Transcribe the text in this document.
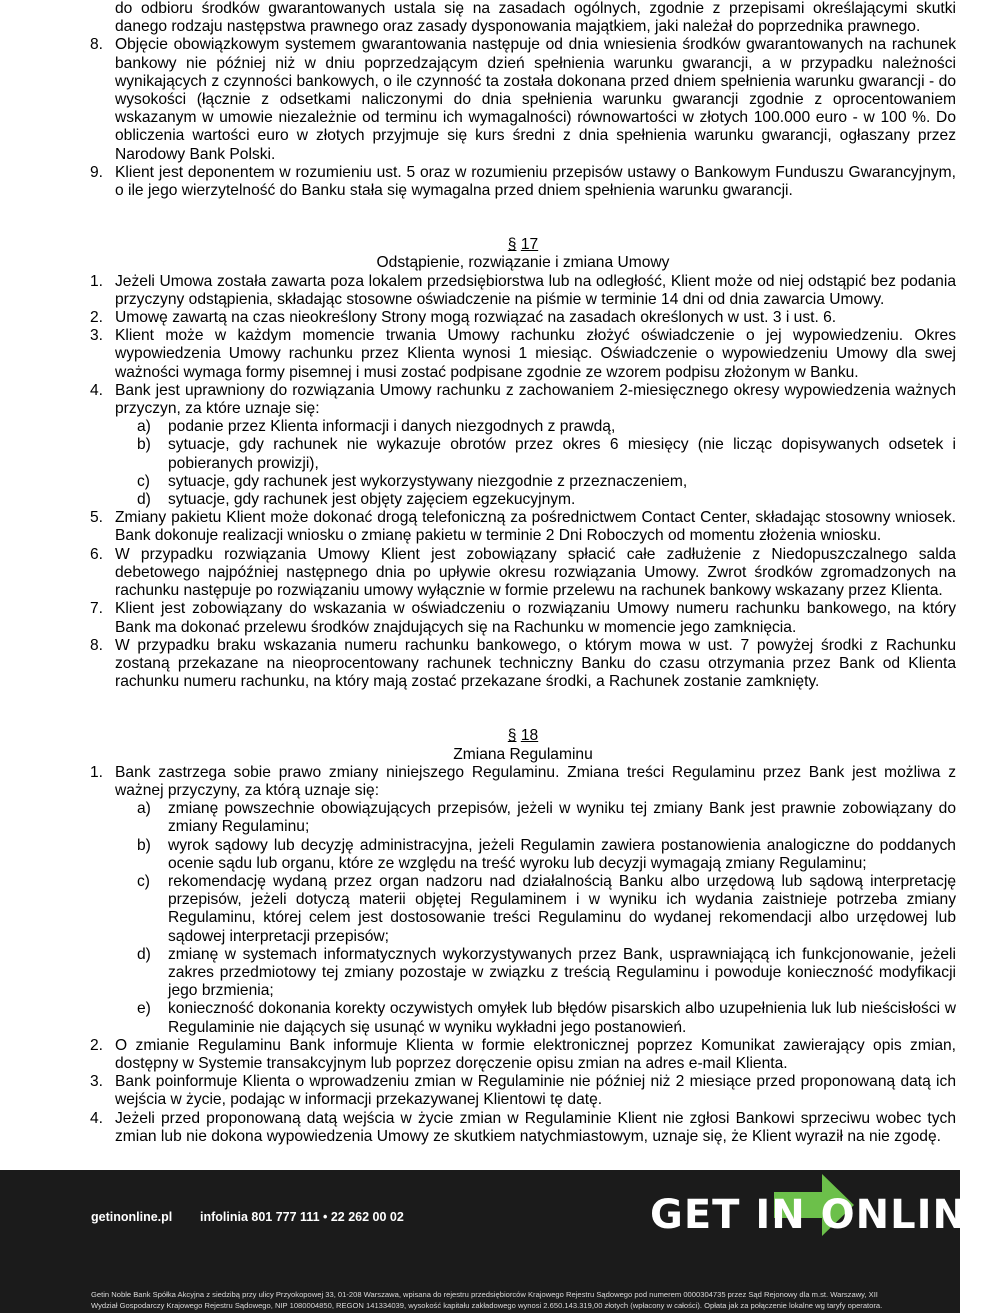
do odbioru środków gwarantowanych ustala się na zasadach ogólnych, zgodnie z przepisami określającymi skutki danego rodzaju następstwa prawnego oraz zasady dysponowania majątkiem, jaki należał do poprzednika prawnego.

8. Objęcie obowiązkowym systemem gwarantowania następuje od dnia wniesienia środków gwarantowanych na rachunek bankowy nie później niż w dniu poprzedzającym dzień spełnienia warunku gwarancji, a w przypadku należności wynikających z czynności bankowych, o ile czynność ta została dokonana przed dniem spełnienia warunku gwarancji - do wysokości (łącznie z odsetkami naliczonymi do dnia spełnienia warunku gwarancji zgodnie z oprocentowaniem wskazanym w umowie niezależnie od terminu ich wymagalności) równowartości w złotych 100.000 euro - w 100 %. Do obliczenia wartości euro w złotych przyjmuje się kurs średni z dnia spełnienia warunku gwarancji, ogłaszany przez Narodowy Bank Polski.
9. Klient jest deponentem w rozumieniu ust. 5 oraz w rozumieniu przepisów ustawy o Bankowym Funduszu Gwarancyjnym, o ile jego wierzytelność do Banku stała się wymagalna przed dniem spełnienia warunku gwarancji.

§ 17

Odstąpienie, rozwiązanie i zmiana Umowy

1. Jeżeli Umowa została zawarta poza lokalem przedsiębiorstwa lub na odległość, Klient może od niej odstąpić bez podania przyczyny odstąpienia, składając stosowne oświadczenie na piśmie w terminie 14 dni od dnia zawarcia Umowy.
2. Umowę zawartą na czas nieokreślony Strony mogą rozwiązać na zasadach określonych w ust. 3 i ust. 6.
3. Klient może w każdym momencie trwania Umowy rachunku złożyć oświadczenie o jej wypowiedzeniu. Okres wypowiedzenia Umowy rachunku przez Klienta wynosi 1 miesiąc. Oświadczenie o wypowiedzeniu Umowy dla swej ważności wymaga formy pisemnej i musi zostać podpisane zgodnie ze wzorem podpisu złożonym w Banku.
4. Bank jest uprawniony do rozwiązania Umowy rachunku z zachowaniem 2-miesięcznego okresy wypowiedzenia ważnych przyczyn, za które uznaje się:
a)	podanie przez Klienta informacji i danych niezgodnych z prawdą,
b)	sytuacje, gdy rachunek nie wykazuje obrotów przez okres 6 miesięcy (nie licząc dopisywanych odsetek i pobieranych prowizji),
c)	sytuacje, gdy rachunek jest wykorzystywany niezgodnie z przeznaczeniem,
d)	sytuacje, gdy rachunek jest objęty zajęciem egzekucyjnym.
5. Zmiany pakietu Klient może dokonać drogą telefoniczną za pośrednictwem Contact Center, składając stosowny wniosek. Bank dokonuje realizacji wniosku o zmianę pakietu w terminie 2 Dni Roboczych od momentu złożenia wniosku.
6. W przypadku rozwiązania Umowy Klient jest zobowiązany spłacić całe zadłużenie z Niedopuszczalnego salda debetowego najpóźniej następnego dnia po upływie okresu rozwiązania Umowy. Zwrot środków zgromadzonych na rachunku następuje po rozwiązaniu umowy wyłącznie w formie przelewu na rachunek bankowy wskazany przez Klienta.
7. Klient jest zobowiązany do wskazania w oświadczeniu o rozwiązaniu Umowy numeru rachunku bankowego, na który Bank ma dokonać przelewu środków znajdujących się na Rachunku w momencie jego zamknięcia.
8. W przypadku braku wskazania numeru rachunku bankowego, o którym mowa w ust. 7 powyżej środki z Rachunku zostaną przekazane na nieoprocentowany rachunek techniczny Banku do czasu otrzymania przez Bank od Klienta rachunku numeru rachunku, na który mają zostać przekazane środki, a Rachunek zostanie zamknięty.

§ 18

Zmiana Regulaminu

1. Bank zastrzega sobie prawo zmiany niniejszego Regulaminu. Zmiana treści Regulaminu przez Bank jest możliwa z ważnej przyczyny, za którą uznaje się:
a)	zmianę powszechnie obowiązujących przepisów, jeżeli w wyniku tej zmiany Bank jest prawnie zobowiązany do zmiany Regulaminu;
b)	wyrok sądowy lub decyzję administracyjna, jeżeli Regulamin zawiera postanowienia analogiczne do poddanych ocenie sądu lub organu, które ze względu na treść wyroku lub decyzji wymagają zmiany Regulaminu;
c)	rekomendację wydaną przez organ nadzoru nad działalnością Banku albo urzędową lub sądową interpretację przepisów, jeżeli dotyczą materii objętej Regulaminem i w wyniku ich wydania zaistnieje potrzeba zmiany Regulaminu, której celem jest dostosowanie treści Regulaminu do wydanej rekomendacji albo urzędowej lub sądowej interpretacji przepisów;
d)	zmianę w systemach informatycznych wykorzystywanych przez Bank, usprawniającą ich funkcjonowanie, jeżeli zakres przedmiotowy tej zmiany pozostaje w związku z treścią Regulaminu i powoduje konieczność modyfikacji jego brzmienia;
e)	konieczność dokonania korekty oczywistych omyłek lub błędów pisarskich albo uzupełnienia luk lub nieścisłości w Regulaminie nie dających się usunąć w wyniku wykładni jego postanowień.
2. O zmianie Regulaminu Bank informuje Klienta w formie elektronicznej poprzez Komunikat zawierający opis zmian, dostępny w Systemie transakcyjnym lub poprzez doręczenie opisu zmian na adres e-mail Klienta.
3. Bank poinformuje Klienta o wprowadzeniu zmian w Regulaminie nie później niż 2 miesiące przed proponowaną datą ich wejścia w życie, podając w informacji przekazywanej Klientowi tę datę.
4. Jeżeli przed proponowaną datą wejścia w życie zmian w Regulaminie Klient nie zgłosi Bankowi sprzeciwu wobec tych zmian lub nie dokona wypowiedzenia Umowy ze skutkiem natychmiastowym, uznaje się, że Klient wyraził na nie zgodę.
getinonline.pl infolinia 801 777 111 • 22 262 00 02	GET IN ONLINE
Getin Noble Bank Spółka Akcyjna z siedzibą przy ulicy Przyokopowej 33, 01-208 Warszawa, wpisana do rejestru przedsiębiorców Krajowego Rejestru Sądowego pod numerem 0000304735 przez Sąd Rejonowy dla m.st. Warszawy, XII
Wydział Gospodarczy Krajowego Rejestru Sądowego, NIP 1080004850, REGON 141334039, wysokość kapitału zakładowego wynosi 2.650.143.319,00 złotych (wpłacony w całości). Opłata jak za połączenie lokalne wg taryfy operatora.
